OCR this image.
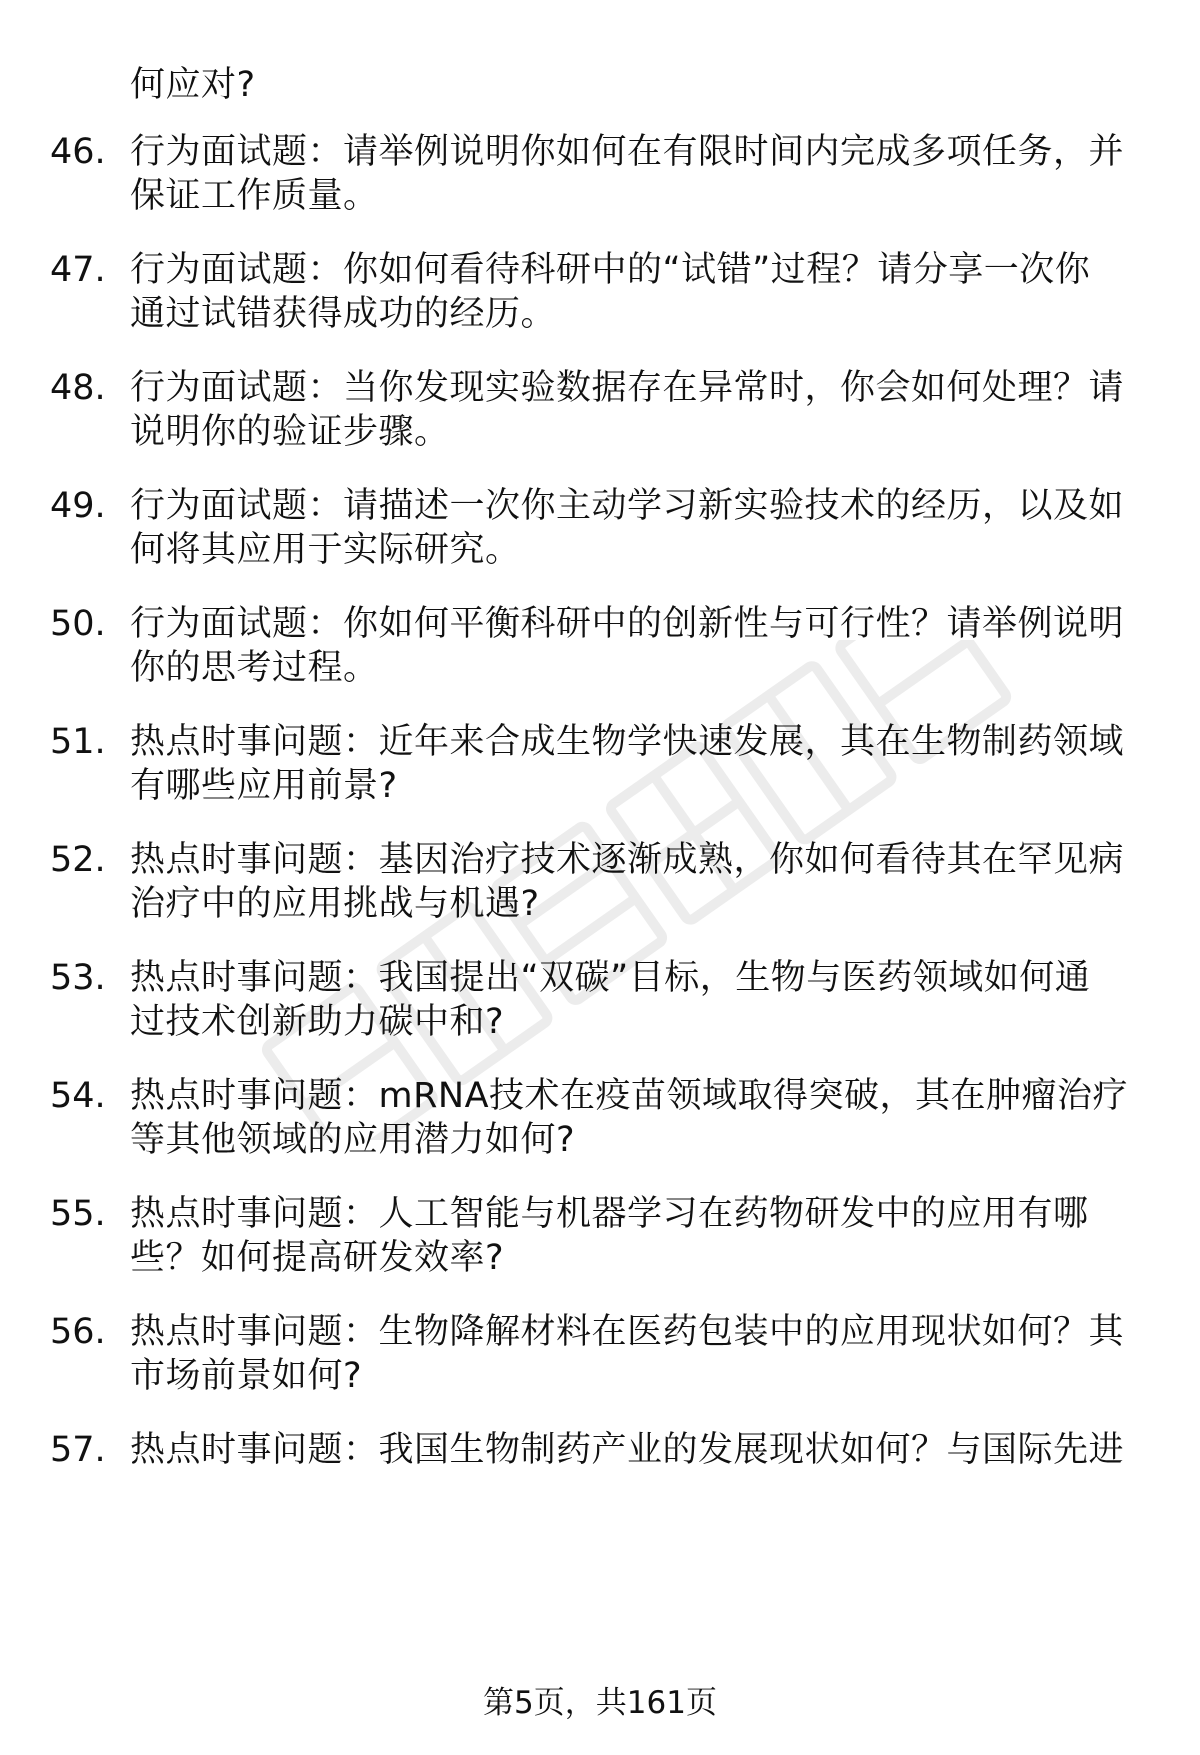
何应对?
46. 行为面试题：请举例说明你如何在有限时间内完成多项任务，并
保证工作质量。
47. 行为面试题：你如何看待科研中的“试错”过程？请分享一次你
通过试错获得成功的经历。
48. 行为面试题：当你发现实验数据存在异常时，你会如何处理？请
说明你的验证步骤。
49. 行为面试题：请描述一次你主动学习新实验技术的经历，以及如
何将其应用于实际研究。
50. 行为面试题：你如何平衡科研中的创新性与可行性？请举例说明
你的思考过程。
51. 热点时事问题：近年来合成生物学快速发展，其在生物制药领域
有哪些应用前景?
52. 热点时事问题：基因治疗技术逐渐成熟，你如何看待其在罕见病
治疗中的应用挑战与机遇?
53. 热点时事问题：我国提出“双碳”目标，生物与医药领域如何通
过技术创新助力碳中和?
54. 热点时事问题：mRNA技术在疫苗领域取得突破，其在肿瘤治疗
等其他领域的应用潜力如何?
55. 热点时事问题：人工智能与机器学习在药物研发中的应用有哪
些？如何提高研发效率?
56. 热点时事问题：生物降解材料在医药包装中的应用现状如何？其
市场前景如何?
57. 热点时事问题：我国生物制药产业的发展现状如何？与国际先进
第5页，共161页
